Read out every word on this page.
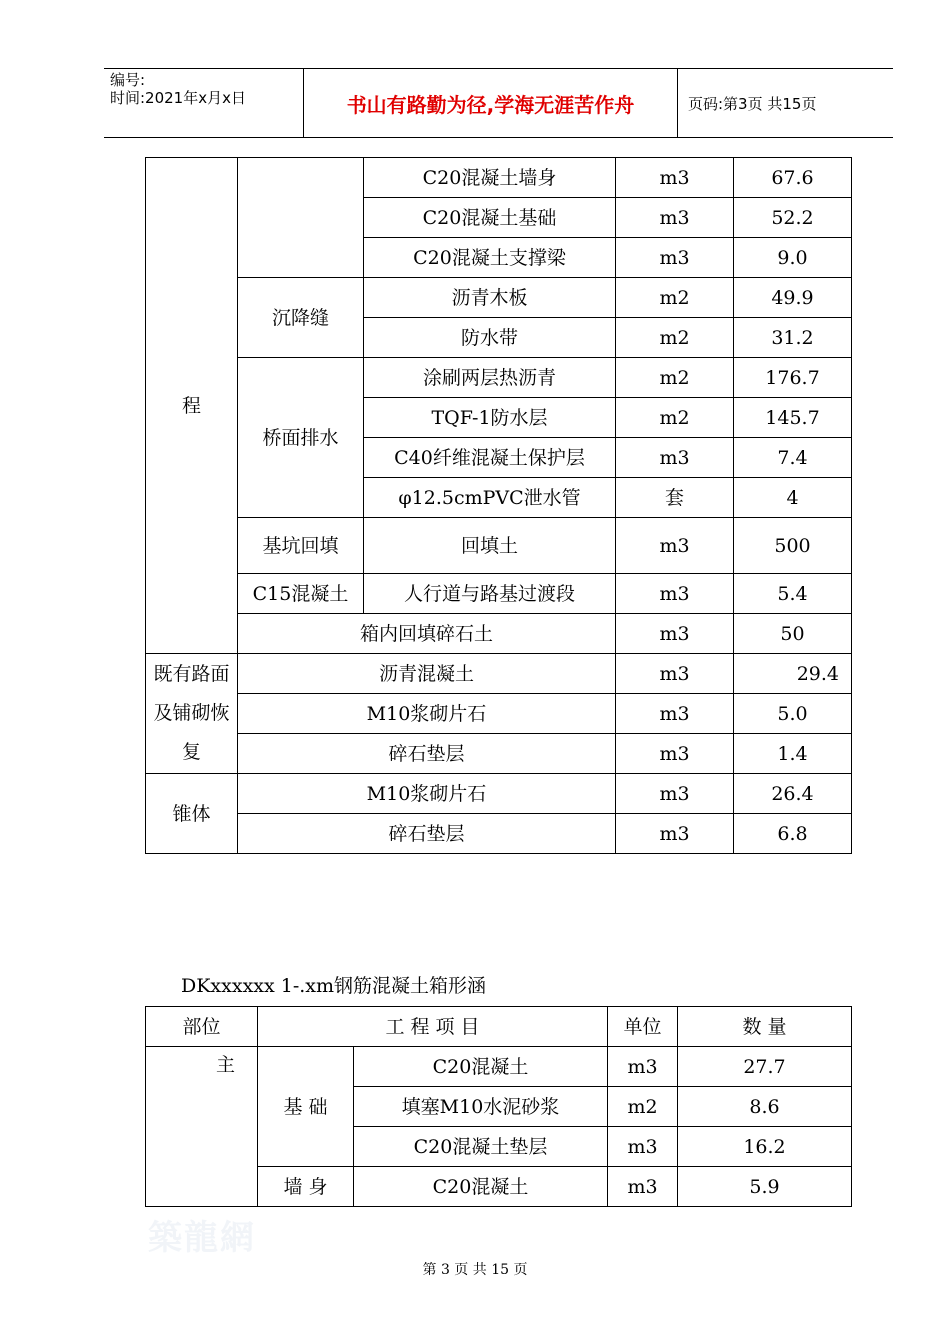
编号:
时间:2021年x月x日	书山有路勤为径,学海无涯苦作舟	页码:第3页 共15页
程		C20混凝土墙身	m3	67.6
		C20混凝土基础	m3	52.2
		C20混凝土支撑梁	m3	9.0
	沉降缝	沥青木板	m2	49.9
		防水带	m2	31.2
	桥面排水	涂刷两层热沥青	m2	176.7
		TQF-1防水层	m2	145.7
		C40纤维混凝土保护层	m3	7.4
		φ12.5cmPVC泄水管	套	4
	基坑回填	回填土	m3	500
	C15混凝土	人行道与路基过渡段	m3	5.4
	箱内回填碎石土		m3	50
既有路面及铺砌恢复	沥青混凝土		m3	29.4
	M10浆砌片石		m3	5.0
	碎石垫层		m3	1.4
锥体	M10浆砌片石		m3	26.4
	碎石垫层		m3	6.8
DKxxxxxx 1-.xm钢筋混凝土箱形涵
部位	工 程 项 目		单位	数 量
主	基 础	C20混凝土	m3	27.7
		填塞M10水泥砂浆	m2	8.6
		C20混凝土垫层	m3	16.2
	墙 身	C20混凝土	m3	5.9
築龍網
第 3 页 共 15 页
